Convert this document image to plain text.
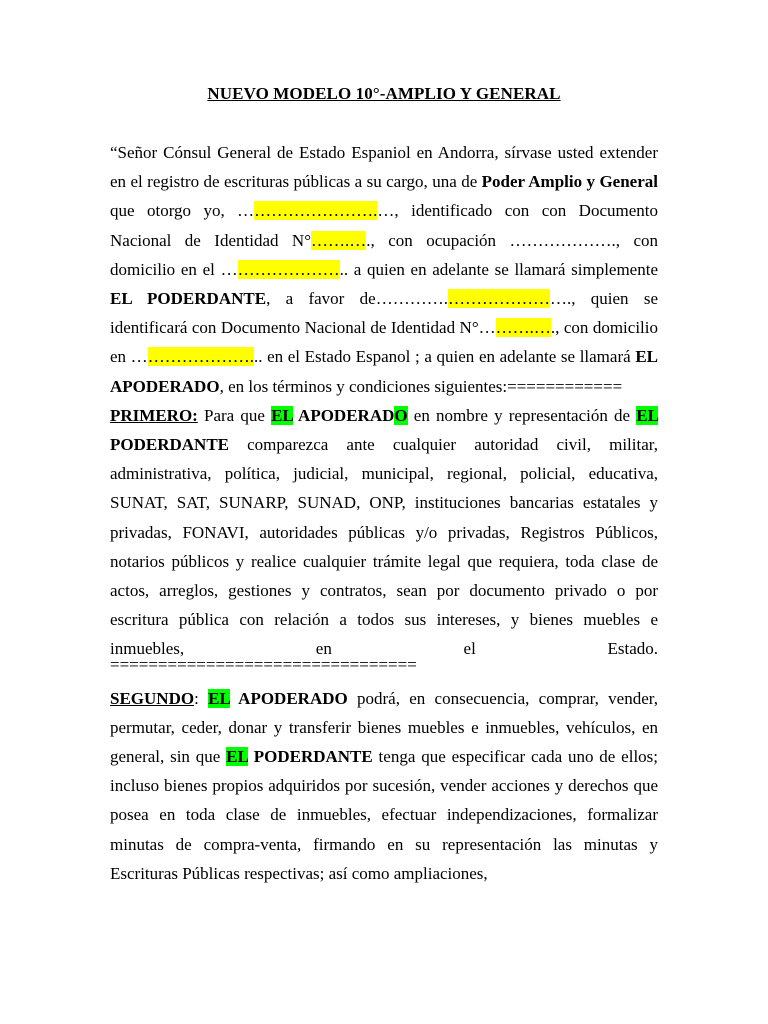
NUEVO MODELO 10°-AMPLIO Y GENERAL

“Señor Cónsul General de Estado Espaniol en Andorra, sírvase usted extender en el registro de escrituras públicas a su cargo, una de Poder Amplio y General que otorgo yo, …………………….…, identificado con con Documento Nacional de Identidad N°…….…., con ocupación ………………., con domicilio en el ………………….. a quien en adelante se llamará simplemente EL PODERDANTE, a favor de………….…………………., quien se identificará con Documento Nacional de Identidad N°……….…., con domicilio en …………………... en el Estado Espanol ; a quien en adelante se llamará EL APODERADO, en los términos y condiciones siguientes:============

PRIMERO: Para que EL APODERADO en nombre y representación de EL PODERDANTE comparezca ante cualquier autoridad civil, militar, administrativa, política, judicial, municipal, regional, policial, educativa, SUNAT, SAT, SUNARP, SUNAD, ONP, instituciones bancarias estatales y privadas, FONAVI, autoridades públicas y/o privadas, Registros Públicos, notarios públicos y realice cualquier trámite legal que requiera, toda clase de actos, arreglos, gestiones y contratos, sean por documento privado o por escritura pública con relación a todos sus intereses, y bienes muebles e inmuebles, en el Estado.

================================

SEGUNDO: EL APODERADO podrá, en consecuencia, comprar, vender, permutar, ceder, donar y transferir bienes muebles e inmuebles, vehículos, en general, sin que EL PODERDANTE tenga que especificar cada uno de ellos; incluso bienes propios adquiridos por sucesión, vender acciones y derechos que posea en toda clase de inmuebles, efectuar independizaciones, formalizar minutas de compra-venta, firmando en su representación las minutas y Escrituras Públicas respectivas; así como ampliaciones,
